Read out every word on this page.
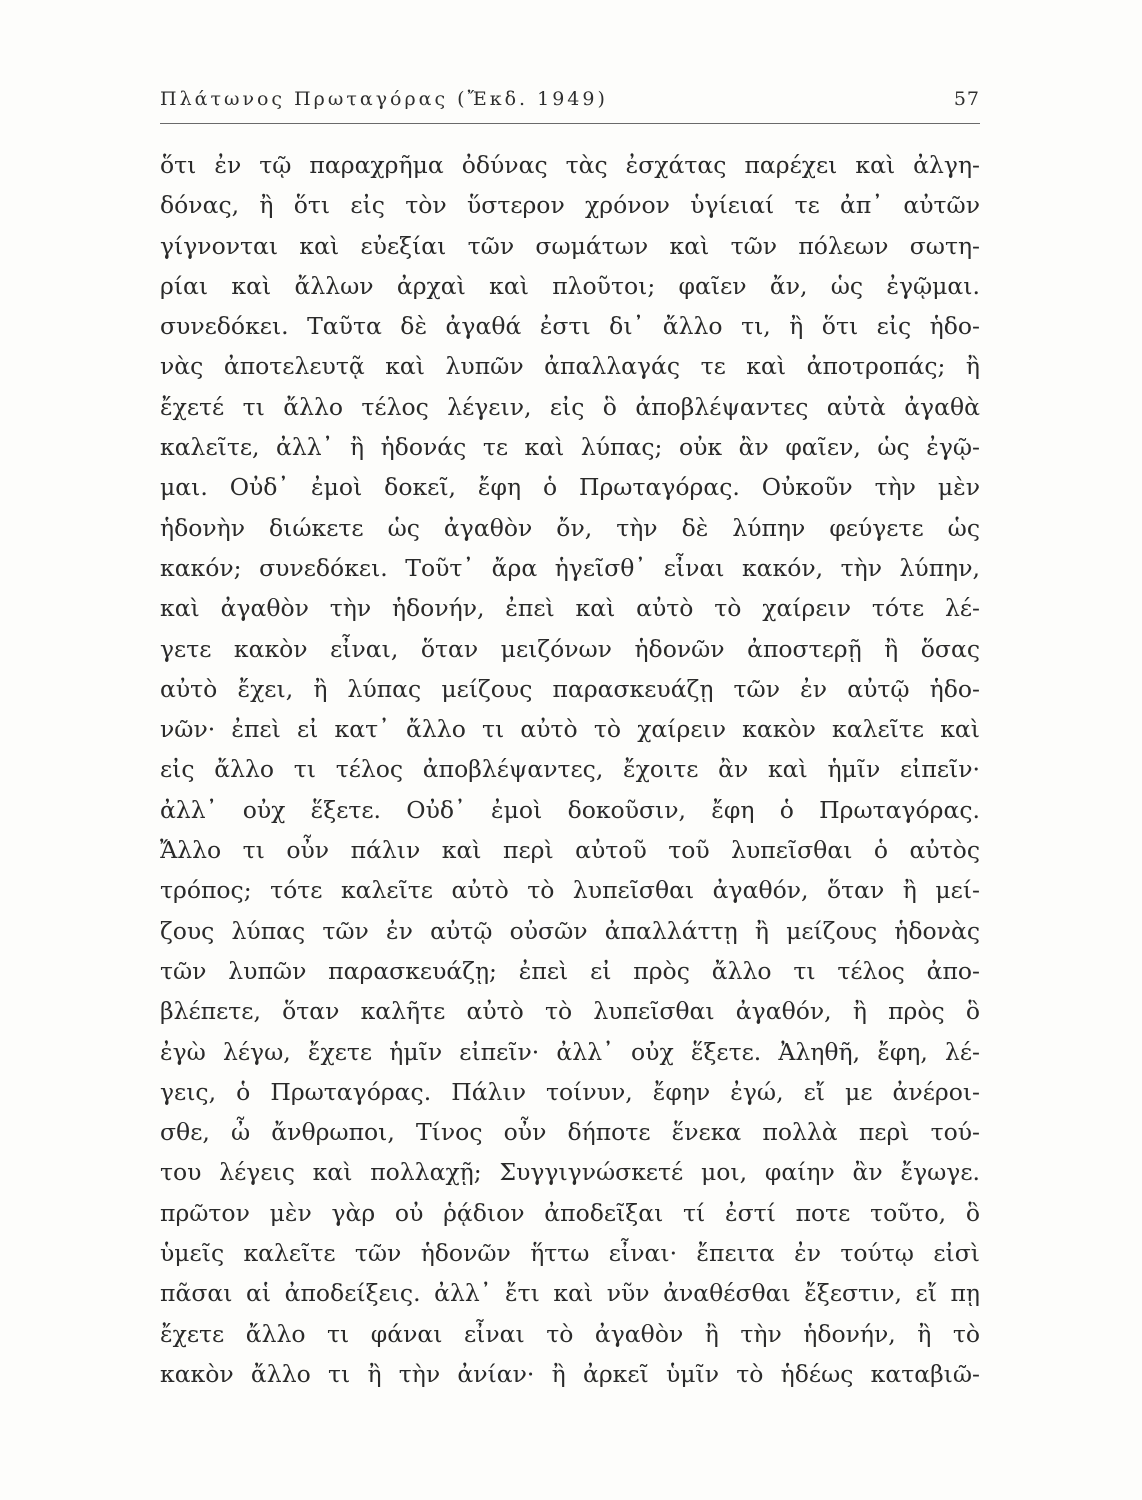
Πλάτωνος Πρωταγόρας (Ἔκδ. 1949)	57
ὅτι ἐν τῷ παραχρῆμα ὀδύνας τὰς ἐσχάτας παρέχει καὶ ἀλγη-
δόνας, ἢ ὅτι εἰς τὸν ὕστερον χρόνον ὑγίειαί τε ἀπ᾽ αὐτῶν
γίγνονται καὶ εὐεξίαι τῶν σωμάτων καὶ τῶν πόλεων σωτη-
ρίαι καὶ ἄλλων ἀρχαὶ καὶ πλοῦτοι; φαῖεν ἄν, ὡς ἐγῷμαι.
συνεδόκει. Ταῦτα δὲ ἀγαθά ἐστι δι᾽ ἄλλο τι, ἢ ὅτι εἰς ἡδο-
νὰς ἀποτελευτᾷ καὶ λυπῶν ἀπαλλαγάς τε καὶ ἀποτροπάς; ἢ
ἔχετέ τι ἄλλο τέλος λέγειν, εἰς ὃ ἀποβλέψαντες αὐτὰ ἀγαθὰ
καλεῖτε, ἀλλ᾽ ἢ ἡδονάς τε καὶ λύπας; οὐκ ἂν φαῖεν, ὡς ἐγῷ-
μαι. Οὐδ᾽ ἐμοὶ δοκεῖ, ἔφη ὁ Πρωταγόρας. Οὐκοῦν τὴν μὲν
ἡδονὴν διώκετε ὡς ἀγαθὸν ὄν, τὴν δὲ λύπην φεύγετε ὡς
κακόν; συνεδόκει. Τοῦτ᾽ ἄρα ἡγεῖσθ᾽ εἶναι κακόν, τὴν λύπην,
καὶ ἀγαθὸν τὴν ἡδονήν, ἐπεὶ καὶ αὐτὸ τὸ χαίρειν τότε λέ-
γετε κακὸν εἶναι, ὅταν μειζόνων ἡδονῶν ἀποστερῇ ἢ ὅσας
αὐτὸ ἔχει, ἢ λύπας μείζους παρασκευάζῃ τῶν ἐν αὐτῷ ἡδο-
νῶν· ἐπεὶ εἰ κατ᾽ ἄλλο τι αὐτὸ τὸ χαίρειν κακὸν καλεῖτε καὶ
εἰς ἄλλο τι τέλος ἀποβλέψαντες, ἔχοιτε ἂν καὶ ἡμῖν εἰπεῖν·
ἀλλ᾽ οὐχ ἕξετε. Οὐδ᾽ ἐμοὶ δοκοῦσιν, ἔφη ὁ Πρωταγόρας.
Ἄλλο τι οὖν πάλιν καὶ περὶ αὐτοῦ τοῦ λυπεῖσθαι ὁ αὐτὸς
τρόπος; τότε καλεῖτε αὐτὸ τὸ λυπεῖσθαι ἀγαθόν, ὅταν ἢ μεί-
ζους λύπας τῶν ἐν αὐτῷ οὐσῶν ἀπαλλάττῃ ἢ μείζους ἡδονὰς
τῶν λυπῶν παρασκευάζῃ; ἐπεὶ εἰ πρὸς ἄλλο τι τέλος ἀπο-
βλέπετε, ὅταν καλῆτε αὐτὸ τὸ λυπεῖσθαι ἀγαθόν, ἢ πρὸς ὃ
ἐγὼ λέγω, ἔχετε ἡμῖν εἰπεῖν· ἀλλ᾽ οὐχ ἕξετε. Ἀληθῆ, ἔφη, λέ-
γεις, ὁ Πρωταγόρας. Πάλιν τοίνυν, ἔφην ἐγώ, εἴ με ἀνέροι-
σθε, ὦ ἄνθρωποι, Τίνος οὖν δήποτε ἕνεκα πολλὰ περὶ τού-
του λέγεις καὶ πολλαχῇ; Συγγιγνώσκετέ μοι, φαίην ἂν ἔγωγε.
πρῶτον μὲν γὰρ οὐ ῥᾴδιον ἀποδεῖξαι τί ἐστί ποτε τοῦτο, ὃ
ὑμεῖς καλεῖτε τῶν ἡδονῶν ἥττω εἶναι· ἔπειτα ἐν τούτῳ εἰσὶ
πᾶσαι αἱ ἀποδείξεις. ἀλλ᾽ ἔτι καὶ νῦν ἀναθέσθαι ἔξεστιν, εἴ πῃ
ἔχετε ἄλλο τι φάναι εἶναι τὸ ἀγαθὸν ἢ τὴν ἡδονήν, ἢ τὸ
κακὸν ἄλλο τι ἢ τὴν ἀνίαν· ἢ ἀρκεῖ ὑμῖν τὸ ἡδέως καταβιῶ-
